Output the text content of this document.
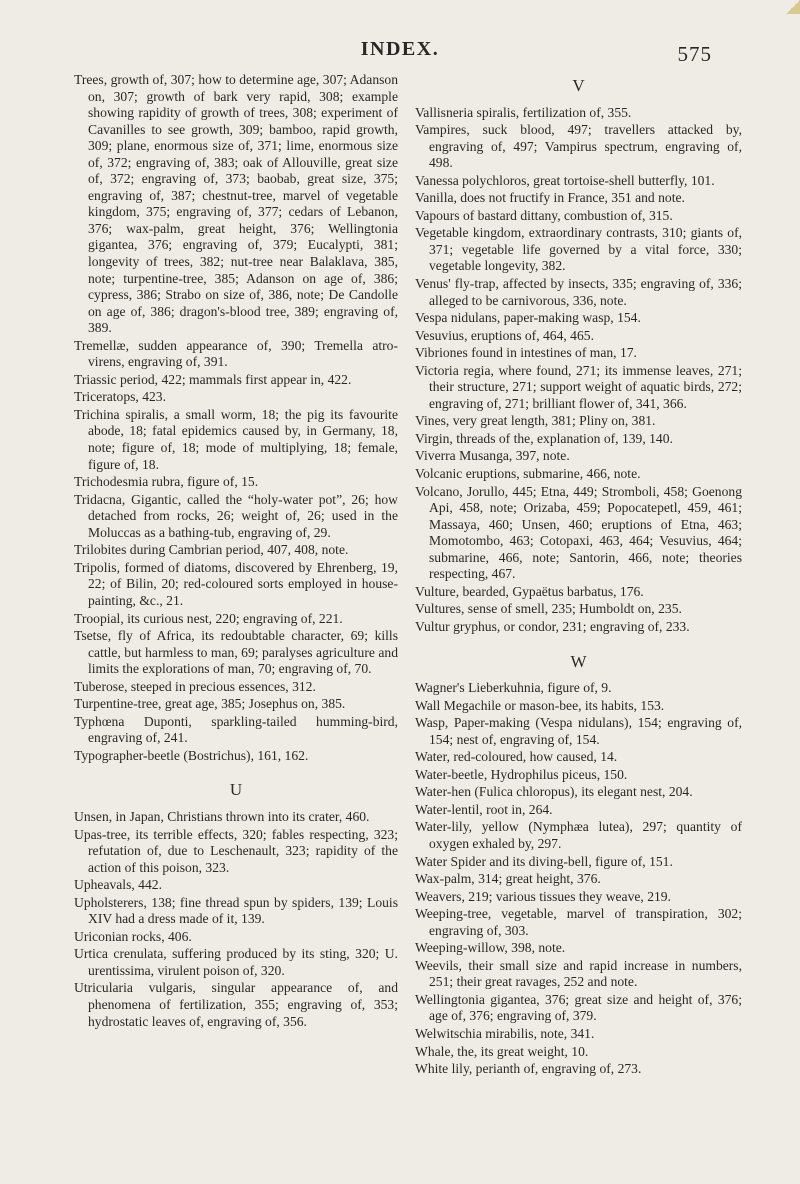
INDEX.	575
Trees, growth of, 307; how to determine age, 307; Adanson on, 307; growth of bark very rapid, 308; example showing rapidity of growth of trees, 308; experiment of Cavanilles to see growth, 309; bamboo, rapid growth, 309; plane, enormous size of, 371; lime, enormous size of, 372; engraving of, 383; oak of Allouville, great size of, 372; engraving of, 373; baobab, great size, 375; engraving of, 387; chestnut-tree, marvel of vegetable kingdom, 375; engraving of, 377; cedars of Lebanon, 376; wax-palm, great height, 376; Wellingtonia gigantea, 376; engraving of, 379; Eucalypti, 381; longevity of trees, 382; nut-tree near Balaklava, 385, note; turpentine-tree, 385; Adanson on age of, 386; cypress, 386; Strabo on size of, 386, note; De Candolle on age of, 386; dragon's-blood tree, 389; engraving of, 389.
Tremellæ, sudden appearance of, 390; Tremella atro-virens, engraving of, 391.
Triassic period, 422; mammals first appear in, 422.
Triceratops, 423.
Trichina spiralis, a small worm, 18; the pig its favourite abode, 18; fatal epidemics caused by, in Germany, 18, note; figure of, 18; mode of multiplying, 18; female, figure of, 18.
Trichodesmia rubra, figure of, 15.
Tridacna, Gigantic, called the “holy-water pot”, 26; how detached from rocks, 26; weight of, 26; used in the Moluccas as a bathing-tub, engraving of, 29.
Trilobites during Cambrian period, 407, 408, note.
Tripolis, formed of diatoms, discovered by Ehrenberg, 19, 22; of Bilin, 20; red-coloured sorts employed in house-painting, &c., 21.
Troopial, its curious nest, 220; engraving of, 221.
Tsetse, fly of Africa, its redoubtable character, 69; kills cattle, but harmless to man, 69; paralyses agriculture and limits the explorations of man, 70; engraving of, 70.
Tuberose, steeped in precious essences, 312.
Turpentine-tree, great age, 385; Josephus on, 385.
Typhœna Duponti, sparkling-tailed humming-bird, engraving of, 241.
Typographer-beetle (Bostrichus), 161, 162.
U
Unsen, in Japan, Christians thrown into its crater, 460.
Upas-tree, its terrible effects, 320; fables respecting, 323; refutation of, due to Leschenault, 323; rapidity of the action of this poison, 323.
Upheavals, 442.
Upholsterers, 138; fine thread spun by spiders, 139; Louis XIV had a dress made of it, 139.
Uriconian rocks, 406.
Urtica crenulata, suffering produced by its sting, 320; U. urentissima, virulent poison of, 320.
Utricularia vulgaris, singular appearance of, and phenomena of fertilization, 355; engraving of, 353; hydrostatic leaves of, engraving of, 356.
V
Vallisneria spiralis, fertilization of, 355.
Vampires, suck blood, 497; travellers attacked by, engraving of, 497; Vampirus spectrum, engraving of, 498.
Vanessa polychloros, great tortoise-shell butterfly, 101.
Vanilla, does not fructify in France, 351 and note.
Vapours of bastard dittany, combustion of, 315.
Vegetable kingdom, extraordinary contrasts, 310; giants of, 371; vegetable life governed by a vital force, 330; vegetable longevity, 382.
Venus' fly-trap, affected by insects, 335; engraving of, 336; alleged to be carnivorous, 336, note.
Vespa nidulans, paper-making wasp, 154.
Vesuvius, eruptions of, 464, 465.
Vibriones found in intestines of man, 17.
Victoria regia, where found, 271; its immense leaves, 271; their structure, 271; support weight of aquatic birds, 272; engraving of, 271; brilliant flower of, 341, 366.
Vines, very great length, 381; Pliny on, 381.
Virgin, threads of the, explanation of, 139, 140.
Viverra Musanga, 397, note.
Volcanic eruptions, submarine, 466, note.
Volcano, Jorullo, 445; Etna, 449; Stromboli, 458; Goenong Api, 458, note; Orizaba, 459; Popocatepetl, 459, 461; Massaya, 460; Unsen, 460; eruptions of Etna, 463; Momotombo, 463; Cotopaxi, 463, 464; Vesuvius, 464; submarine, 466, note; Santorin, 466, note; theories respecting, 467.
Vulture, bearded, Gypaëtus barbatus, 176.
Vultures, sense of smell, 235; Humboldt on, 235.
Vultur gryphus, or condor, 231; engraving of, 233.
W
Wagner's Lieberkuhnia, figure of, 9.
Wall Megachile or mason-bee, its habits, 153.
Wasp, Paper-making (Vespa nidulans), 154; engraving of, 154; nest of, engraving of, 154.
Water, red-coloured, how caused, 14.
Water-beetle, Hydrophilus piceus, 150.
Water-hen (Fulica chloropus), its elegant nest, 204.
Water-lentil, root in, 264.
Water-lily, yellow (Nymphæa lutea), 297; quantity of oxygen exhaled by, 297.
Water Spider and its diving-bell, figure of, 151.
Wax-palm, 314; great height, 376.
Weavers, 219; various tissues they weave, 219.
Weeping-tree, vegetable, marvel of transpiration, 302; engraving of, 303.
Weeping-willow, 398, note.
Weevils, their small size and rapid increase in numbers, 251; their great ravages, 252 and note.
Wellingtonia gigantea, 376; great size and height of, 376; age of, 376; engraving of, 379.
Welwitschia mirabilis, note, 341.
Whale, the, its great weight, 10.
White lily, perianth of, engraving of, 273.
